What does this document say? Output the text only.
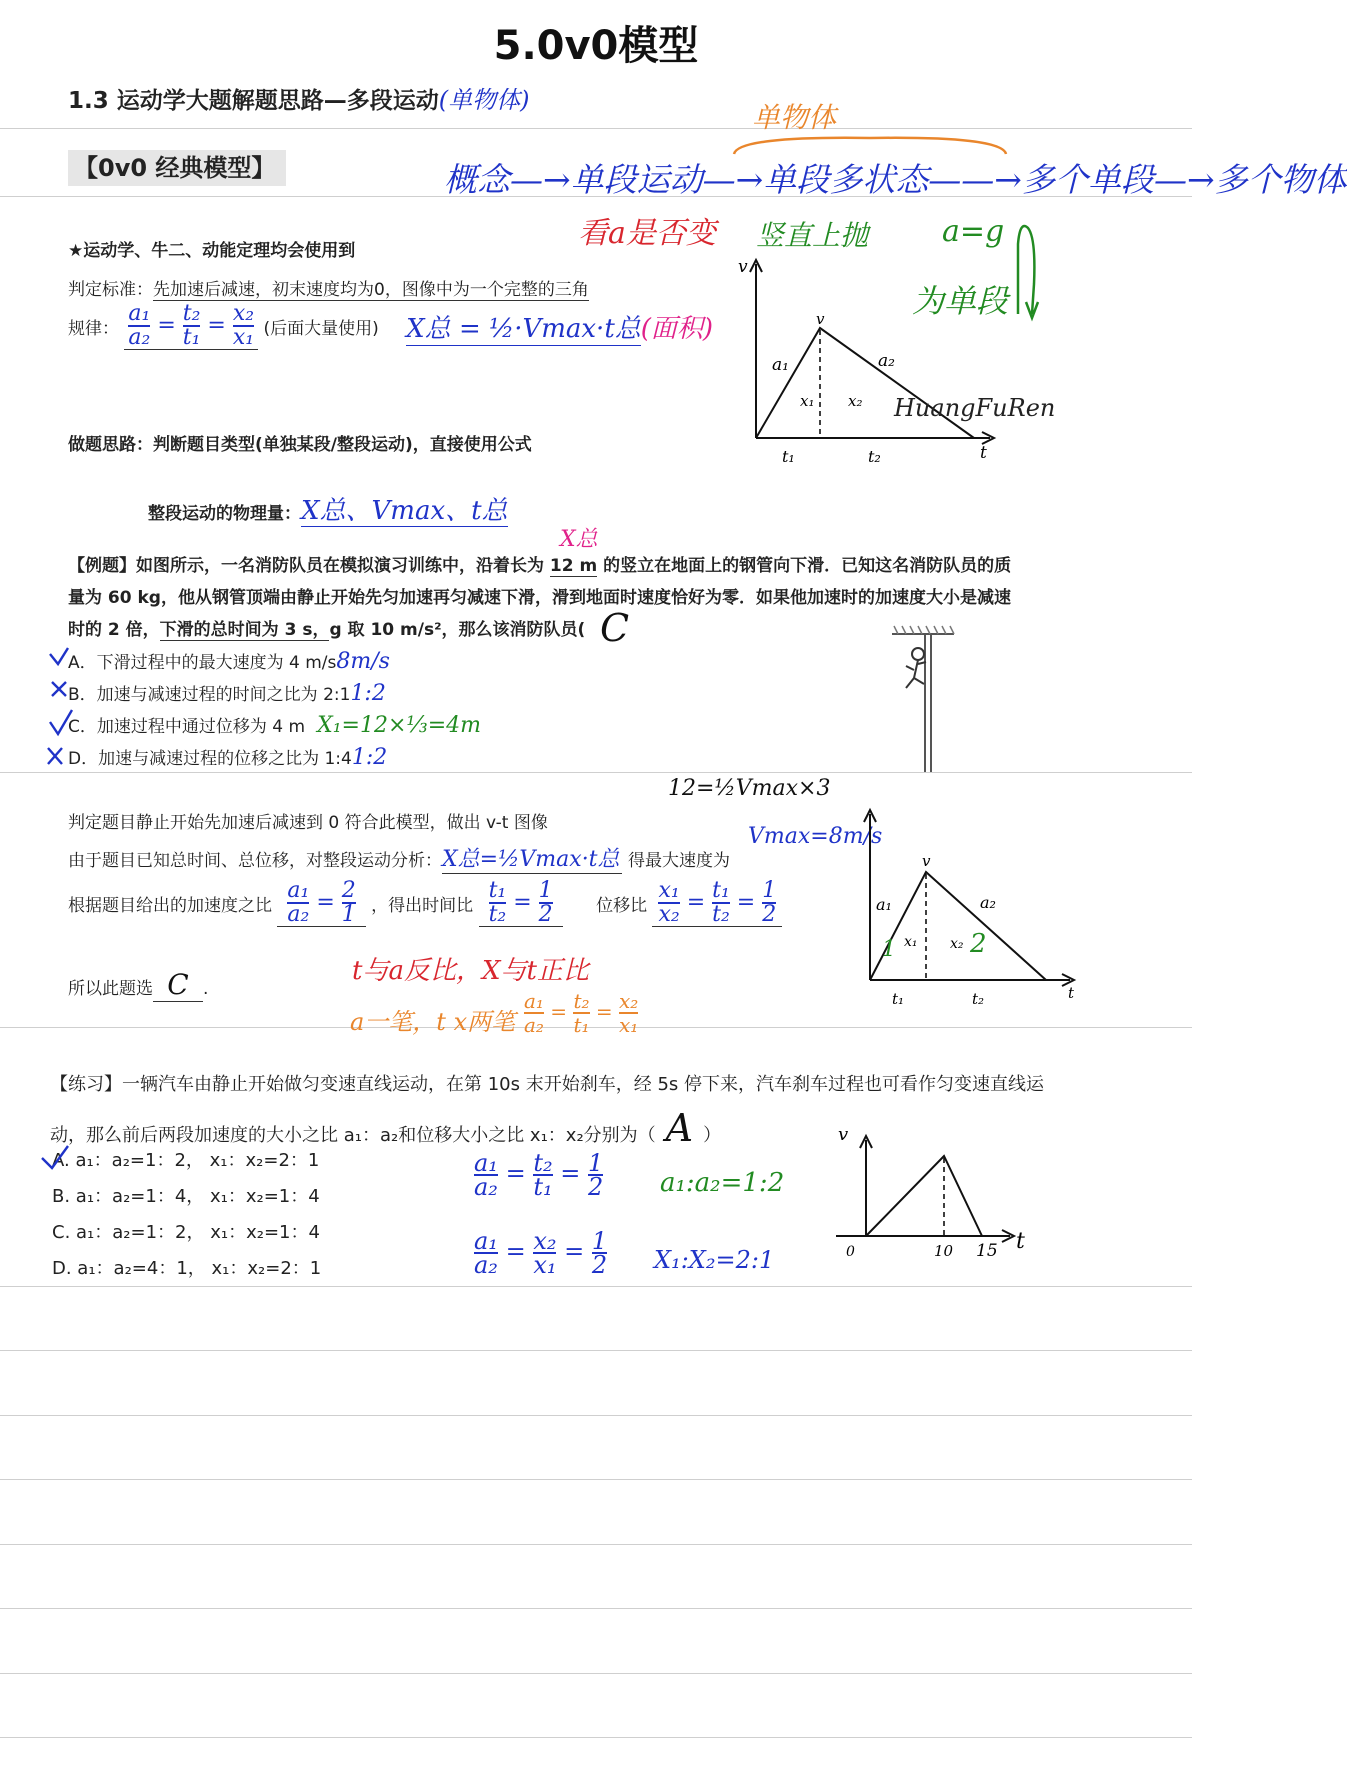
5.0v0模型
1.3 运动学大题解题思路—多段运动(单物体)
【0v0 经典模型】
单物体
概念—→单段运动—→单段多状态——→多个单段—→多个物体
看a是否变 竖直上抛 a=g
为单段
★运动学、牛二、动能定理均会使用到
判定标准：先加速后减速，初末速度均为0，图像中为一个完整的三角
规律： $\frac{\text{a₁}}{\text{a₂}} = \frac{\text{t₂}}{\text{t₁}} = \frac{\text{x₂}}{\text{x₁}}$ (后面大量使用) X总 = ½·Vmax·t总(面积)
v
t
v
a₁	a₂
x₁ x₂
t₁	t₂
HuangFuRen
做题思路：判断题目类型(单独某段/整段运动)，直接使用公式
整段运动的物理量：X总、Vmax、t总
X总
【例题】如图所示，一名消防队员在模拟演习训练中，沿着长为 12 m 的竖立在地面上的钢管向下滑．已知这名消防队员的质
量为 60 kg，他从钢管顶端由静止开始先匀加速再匀减速下滑，滑到地面时速度恰好为零．如果他加速时的加速度大小是减速
时的 2 倍，下滑的总时间为 3 s，g 取 10 m/s²，那么该消防队员( C
A．下滑过程中的最大速度为 4 m/s8m/s
B．加速与减速过程的时间之比为 2:11:2
C．加速过程中通过位移为 4 m X₁=12×⅓=4m
D．加速与减速过程的位移之比为 1:41:2
12=½Vmax×3
判定题目静止开始先加速后减速到 0 符合此模型，做出 v-t 图像
由于题目已知总时间、总位移，对整段运动分析：X总=½Vmax·t总 得最大速度为
Vmax=8m/s
根据题目给出的加速度之比 $\frac{\text{a₁}}{\text{a₂}} = \frac{2}{1}$ ，得出时间比 $\frac{\text{t₁}}{\text{t₂}} = \frac{1}{2}$	位移比 $\frac{\text{x₁}}{\text{x₂}} = \frac{\text{t₁}}{\text{t₂}} = \frac{1}{2}$
所以此题选 C .
t与a反比，X与t正比
a一笔，t x两笔 $\frac{\text{a₁}}{\text{a₂}} = \frac{\text{t₂}}{\text{t₁}} = \frac{\text{x₂}}{\text{x₁}}$
v
t
a₁	a₂
x₁ x₂
1	2
t₁	t₂
【练习】一辆汽车由静止开始做匀变速直线运动，在第 10s 末开始刹车，经 5s 停下来，汽车刹车过程也可看作匀变速直线运
动，那么前后两段加速度的大小之比 a₁：a₂和位移大小之比 x₁：x₂分别为（ A ）
A. a₁：a₂=1：2， x₁：x₂=2：1
B. a₁：a₂=1：4， x₁：x₂=1：4
C. a₁：a₂=1：2， x₁：x₂=1：4
D. a₁：a₂=4：1， x₁：x₂=2：1
$\frac{\text{a₁}}{\text{a₂}} = \frac{\text{t₂}}{\text{t₁}} = \frac{1}{2}$
$\frac{\text{a₁}}{\text{a₂}} = \frac{\text{x₂}}{\text{x₁}} = \frac{1}{2}$
a₁:a₂=1:2
X₁:X₂=2:1
v
t
0	10 15
